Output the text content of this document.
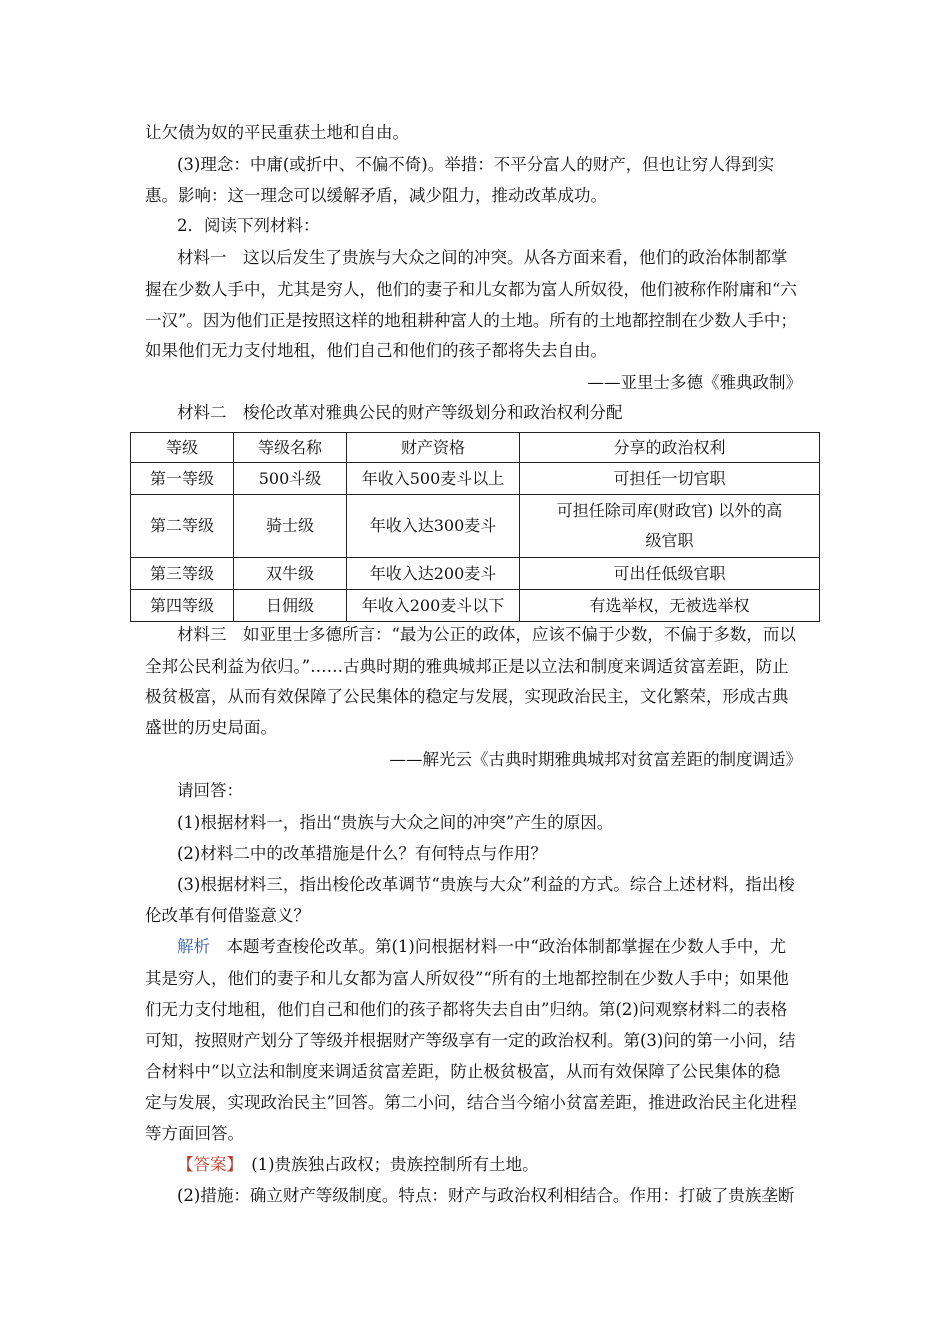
让欠债为奴的平民重获土地和自由。
(3)理念：中庸(或折中、不偏不倚)。举措：不平分富人的财产，但也让穷人得到实
惠。影响：这一理念可以缓解矛盾，减少阻力，推动改革成功。
2．阅读下列材料：
材料一　这以后发生了贵族与大众之间的冲突。从各方面来看，他们的政治体制都掌
握在少数人手中，尤其是穷人，他们的妻子和儿女都为富人所奴役，他们被称作附庸和“六
一汉”。因为他们正是按照这样的地租耕种富人的土地。所有的土地都控制在少数人手中；
如果他们无力支付地租，他们自己和他们的孩子都将失去自由。
——亚里士多德《雅典政制》
材料二　梭伦改革对雅典公民的财产等级划分和政治权利分配
等级	等级名称	财产资格	分享的政治权利
第一等级	500斗级	年收入500麦斗以上	可担任一切官职
第二等级	骑士级	年收入达300麦斗	可担任除司库(财政官) 以外的高
级官职
第三等级	双牛级	年收入达200麦斗	可出任低级官职
第四等级	日佣级	年收入200麦斗以下	有选举权，无被选举权
材料三　如亚里士多德所言：“最为公正的政体，应该不偏于少数，不偏于多数，而以
全邦公民利益为依归。”……古典时期的雅典城邦正是以立法和制度来调适贫富差距，防止
极贫极富，从而有效保障了公民集体的稳定与发展，实现政治民主，文化繁荣，形成古典
盛世的历史局面。
——解光云《古典时期雅典城邦对贫富差距的制度调适》
请回答：
(1)根据材料一，指出“贵族与大众之间的冲突”产生的原因。
(2)材料二中的改革措施是什么？有何特点与作用？
(3)根据材料三，指出梭伦改革调节“贵族与大众”利益的方式。综合上述材料，指出梭
伦改革有何借鉴意义？
解析　 本题考查梭伦改革。第(1)问根据材料一中“政治体制都掌握在少数人手中，尤
其是穷人，他们的妻子和儿女都为富人所奴役”“所有的土地都控制在少数人手中；如果他
们无力支付地租，他们自己和他们的孩子都将失去自由”归纳。第(2)问观察材料二的表格
可知，按照财产划分了等级并根据财产等级享有一定的政治权利。第(3)问的第一小问，结
合材料中“以立法和制度来调适贫富差距，防止极贫极富，从而有效保障了公民集体的稳
定与发展，实现政治民主”回答。第二小问，结合当今缩小贫富差距，推进政治民主化进程
等方面回答。
【答案】　 (1)贵族独占政权；贵族控制所有土地。
(2)措施：确立财产等级制度。特点：财产与政治权利相结合。作用：打破了贵族垄断
